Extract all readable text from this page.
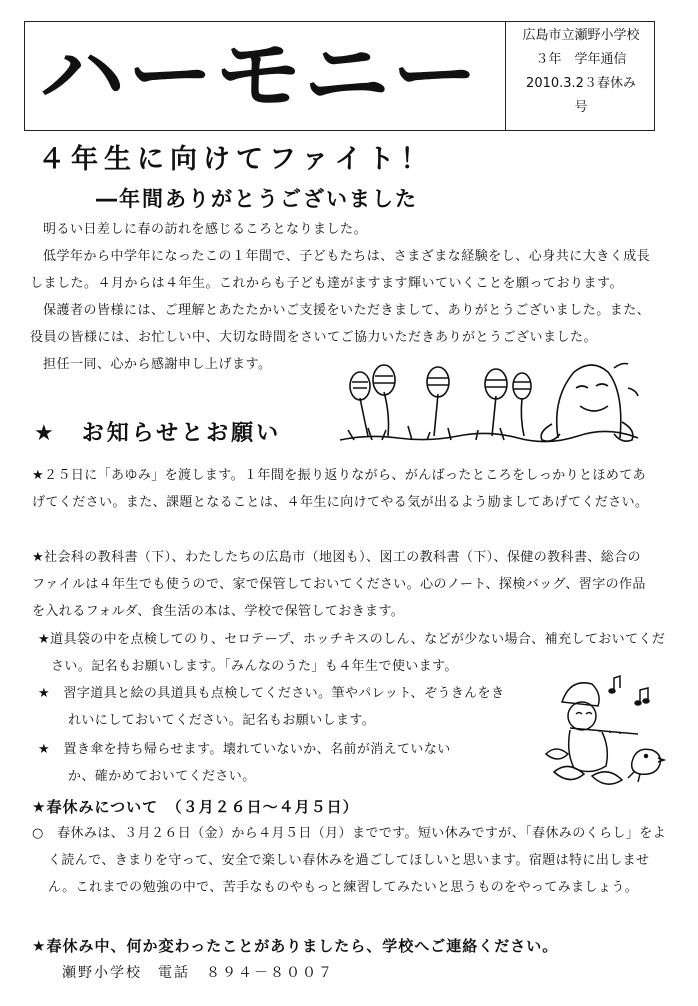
ハーモニー	広島市立瀬野小学校
３年　学年通信
2010.3.2３春休み
号
４年生に向けてファイト！
―年間ありがとうございました
明るい日差しに春の訪れを感じるころとなりました。
低学年から中学年になったこの１年間で、子どもたちは、さまざまな経験をし、心身共に大きく成長しました。４月からは４年生。これからも子ども達がますます輝いていくことを願っております。
保護者の皆様には、ご理解とあたたかいご支援をいただきまして、ありがとうございました。また、役員の皆様には、お忙しい中、大切な時間をさいてご協力いただきありがとうございました。
担任一同、心から感謝申し上げます。
★　お知らせとお願い
★２５日に「あゆみ」を渡します。１年間を振り返りながら、がんばったところをしっかりとほめてあげてください。また、課題となることは、４年生に向けてやる気が出るよう励ましてあげてください。
★社会科の教科書（下）、わたしたちの広島市（地図も）、図工の教科書（下）、保健の教科書、総合のファイルは４年生でも使うので、家で保管しておいてください。心のノート、探検バッグ、習字の作品を入れるフォルダ、食生活の本は、学校で保管しておきます。
★道具袋の中を点検してのり、セロテープ、ホッチキスのしん、などが少ない場合、補充しておいてください。記名もお願いします。「みんなのうた」も４年生で使います。
★　習字道具と絵の具道具も点検してください。筆やパレット、ぞうきんをきれいにしておいてください。記名もお願いします。
★　置き傘を持ち帰らせます。壊れていないか、名前が消えていないか、確かめておいてください。
★春休みについて　（３月２６日～４月５日）
○　春休みは、３月２６日（金）から４月５日（月）までです。短い休みですが、「春休みのくらし」をよく読んで、きまりを守って、安全で楽しい春休みを過ごしてほしいと思います。宿題は特に出しません。これまでの勉強の中で、苦手なものやもっと練習してみたいと思うものをやってみましょう。
★春休み中、何か変わったことがありましたら、学校へご連絡ください。
瀬野小学校　電話　８９４－８００７
